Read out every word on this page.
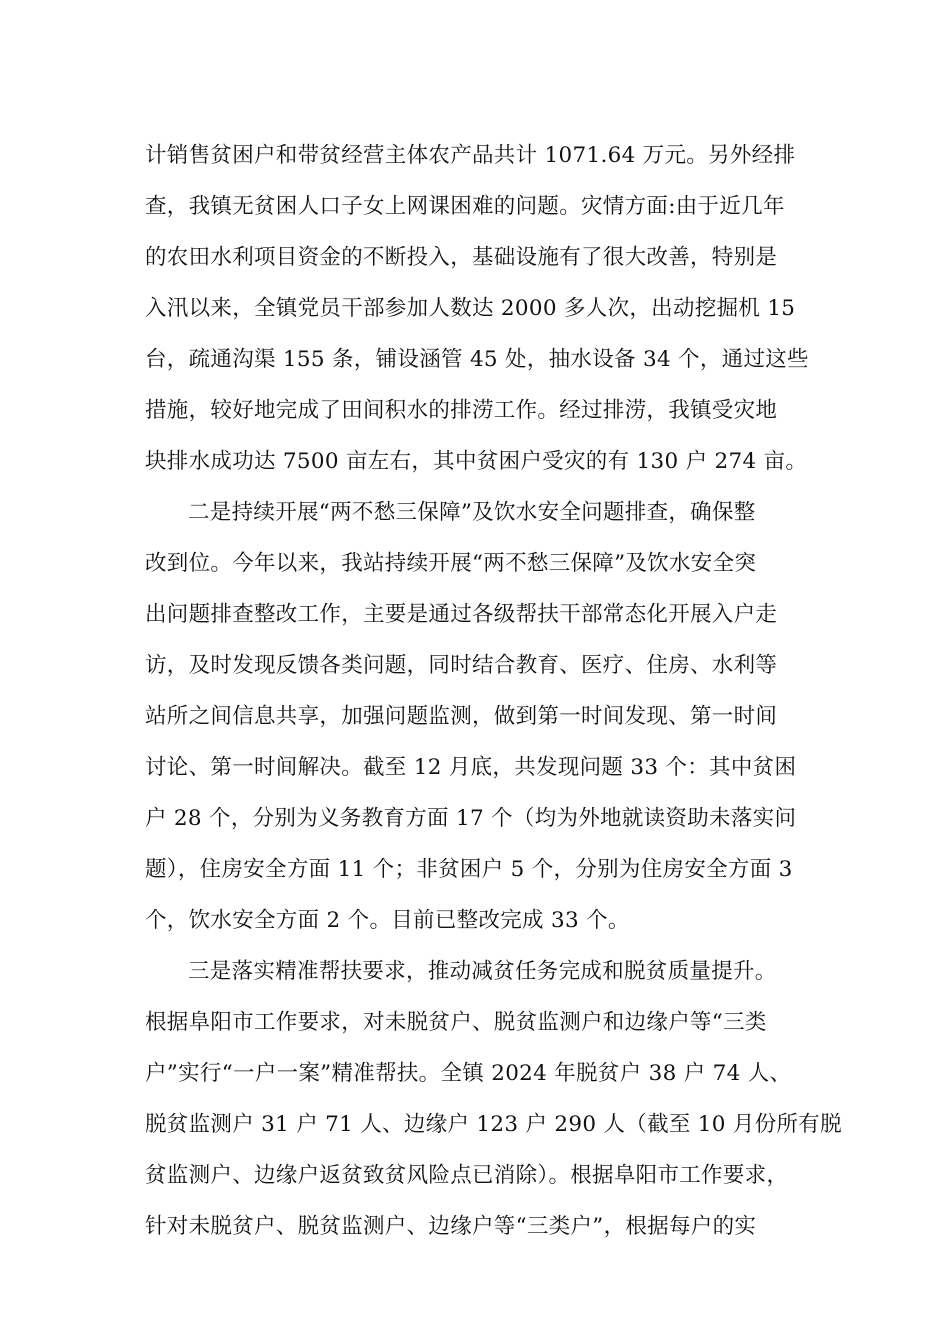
计销售贫困户和带贫经营主体农产品共计 1071.64 万元。另外经排
查，我镇无贫困人口子女上网课困难的问题。灾情方面:由于近几年
的农田水利项目资金的不断投入，基础设施有了很大改善，特别是
入汛以来，全镇党员干部参加人数达 2000 多人次，出动挖掘机 15
台，疏通沟渠 155 条，铺设涵管 45 处，抽水设备 34 个，通过这些
措施，较好地完成了田间积水的排涝工作。经过排涝，我镇受灾地
块排水成功达 7500 亩左右，其中贫困户受灾的有 130 户 274 亩。
二是持续开展“两不愁三保障”及饮水安全问题排查，确保整
改到位。今年以来，我站持续开展“两不愁三保障”及饮水安全突
出问题排查整改工作，主要是通过各级帮扶干部常态化开展入户走
访，及时发现反馈各类问题，同时结合教育、医疗、住房、水利等
站所之间信息共享，加强问题监测，做到第一时间发现、第一时间
讨论、第一时间解决。截至 12 月底，共发现问题 33 个：其中贫困
户 28 个，分别为义务教育方面 17 个（均为外地就读资助未落实问
题），住房安全方面 11 个；非贫困户 5 个，分别为住房安全方面 3
个，饮水安全方面 2 个。目前已整改完成 33 个。
三是落实精准帮扶要求，推动减贫任务完成和脱贫质量提升。
根据阜阳市工作要求，对未脱贫户、脱贫监测户和边缘户等“三类
户”实行“一户一案”精准帮扶。全镇 2024 年脱贫户 38 户 74 人、
脱贫监测户 31 户 71 人、边缘户 123 户 290 人（截至 10 月份所有脱
贫监测户、边缘户返贫致贫风险点已消除）。根据阜阳市工作要求，
针对未脱贫户、脱贫监测户、边缘户等“三类户”，根据每户的实
